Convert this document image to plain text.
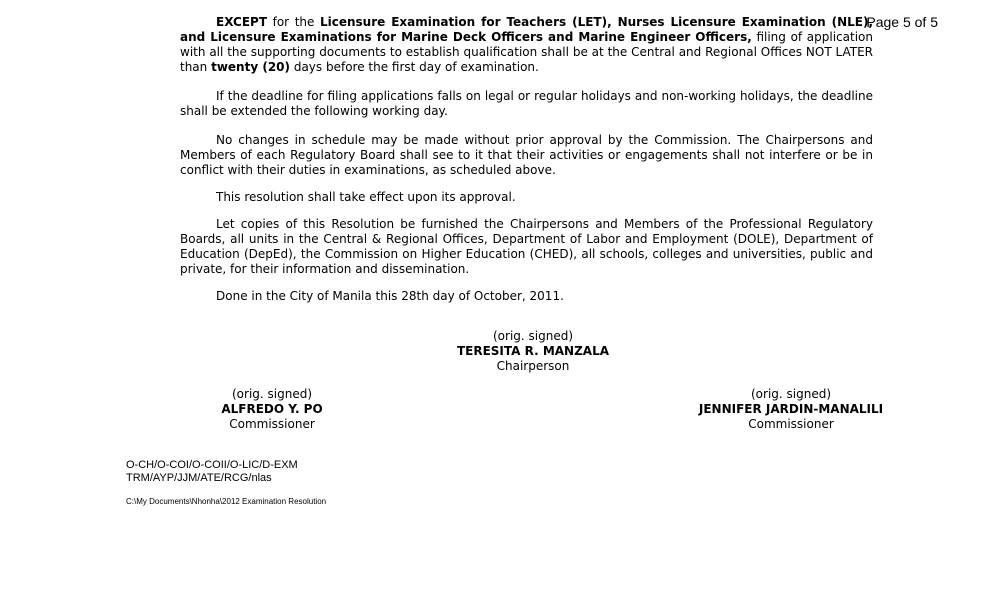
Page 5 of 5

EXCEPT for the Licensure Examination for Teachers (LET), Nurses Licensure Examination (NLE), and Licensure Examinations for Marine Deck Officers and Marine Engineer Officers, filing of application with all the supporting documents to establish qualification shall be at the Central and Regional Offices NOT LATER than twenty (20) days before the first day of examination.

If the deadline for filing applications falls on legal or regular holidays and non-working holidays, the deadline shall be extended the following working day.

No changes in schedule may be made without prior approval by the Commission. The Chairpersons and Members of each Regulatory Board shall see to it that their activities or engagements shall not interfere or be in conflict with their duties in examinations, as scheduled above.

This resolution shall take effect upon its approval.

Let copies of this Resolution be furnished the Chairpersons and Members of the Professional Regulatory Boards, all units in the Central & Regional Offices, Department of Labor and Employment (DOLE), Department of Education (DepEd), the Commission on Higher Education (CHED), all schools, colleges and universities, public and private, for their information and dissemination.

Done in the City of Manila this 28th day of October, 2011.

(orig. signed)
TERESITA R. MANZALA
Chairperson
(orig. signed)
ALFREDO Y. PO
Commissioner
(orig. signed)
JENNIFER JARDIN-MANALILI
Commissioner
O-CH/O-COI/O-COII/O-LIC/D-EXM
TRM/AYP/JJM/ATE/RCG/nlas
C:\My Documents\Nhonha\2012 Examination Resolution
